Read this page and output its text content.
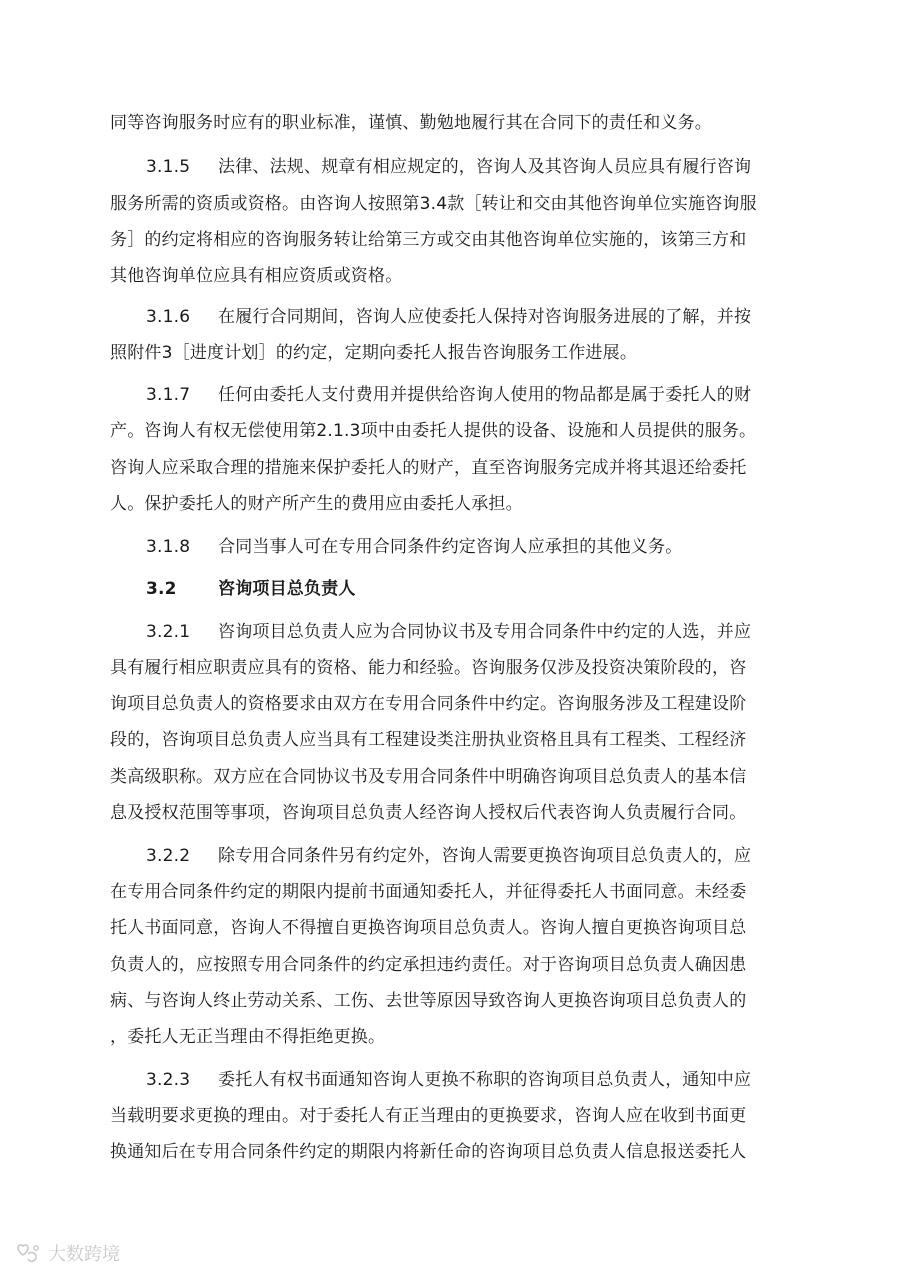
同等咨询服务时应有的职业标准，谨慎、勤勉地履行其在合同下的责任和义务。
3.1.5 法律、法规、规章有相应规定的，咨询人及其咨询人员应具有履行咨询
服务所需的资质或资格。由咨询人按照第3.4款［转让和交由其他咨询单位实施咨询服
务］的约定将相应的咨询服务转让给第三方或交由其他咨询单位实施的，该第三方和
其他咨询单位应具有相应资质或资格。
3.1.6 在履行合同期间，咨询人应使委托人保持对咨询服务进展的了解，并按
照附件3［进度计划］的约定，定期向委托人报告咨询服务工作进展。
3.1.7 任何由委托人支付费用并提供给咨询人使用的物品都是属于委托人的财
产。咨询人有权无偿使用第2.1.3项中由委托人提供的设备、设施和人员提供的服务。
咨询人应采取合理的措施来保护委托人的财产，直至咨询服务完成并将其退还给委托
人。保护委托人的财产所产生的费用应由委托人承担。
3.1.8 合同当事人可在专用合同条件约定咨询人应承担的其他义务。
3.2 咨询项目总负责人
3.2.1 咨询项目总负责人应为合同协议书及专用合同条件中约定的人选，并应
具有履行相应职责应具有的资格、能力和经验。咨询服务仅涉及投资决策阶段的，咨
询项目总负责人的资格要求由双方在专用合同条件中约定。咨询服务涉及工程建设阶
段的，咨询项目总负责人应当具有工程建设类注册执业资格且具有工程类、工程经济
类高级职称。双方应在合同协议书及专用合同条件中明确咨询项目总负责人的基本信
息及授权范围等事项，咨询项目总负责人经咨询人授权后代表咨询人负责履行合同。
3.2.2 除专用合同条件另有约定外，咨询人需要更换咨询项目总负责人的，应
在专用合同条件约定的期限内提前书面通知委托人，并征得委托人书面同意。未经委
托人书面同意，咨询人不得擅自更换咨询项目总负责人。咨询人擅自更换咨询项目总
负责人的，应按照专用合同条件的约定承担违约责任。对于咨询项目总负责人确因患
病、与咨询人终止劳动关系、工伤、去世等原因导致咨询人更换咨询项目总负责人的
，委托人无正当理由不得拒绝更换。
3.2.3 委托人有权书面通知咨询人更换不称职的咨询项目总负责人，通知中应
当载明要求更换的理由。对于委托人有正当理由的更换要求，咨询人应在收到书面更
换通知后在专用合同条件约定的期限内将新任命的咨询项目总负责人信息报送委托人
大数跨境
